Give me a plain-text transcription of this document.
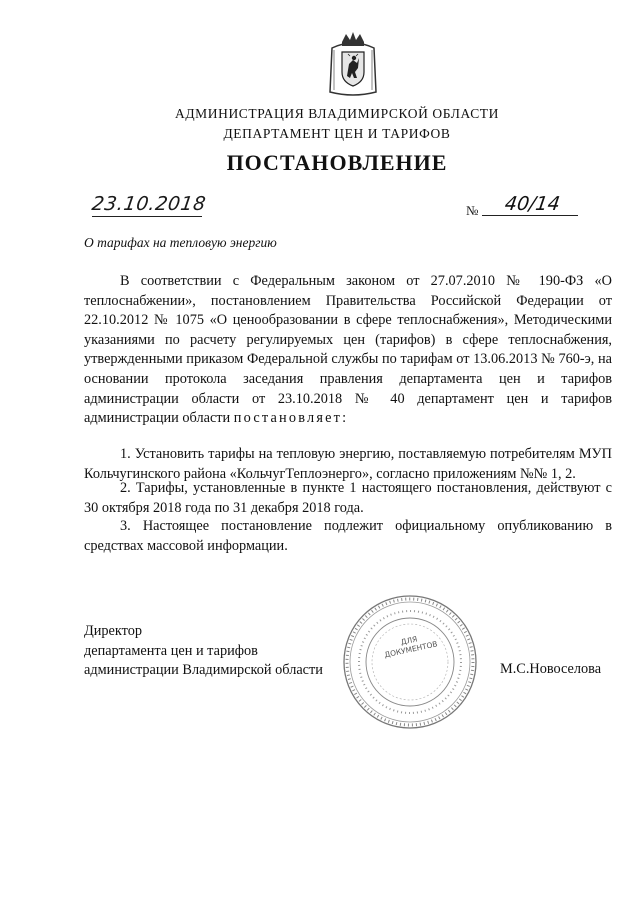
АДМИНИСТРАЦИЯ ВЛАДИМИРСКОЙ ОБЛАСТИ
ДЕПАРТАМЕНТ ЦЕН И ТАРИФОВ
ПОСТАНОВЛЕНИЕ
23.10.2018	№ 40/14
О тарифах на тепловую энергию
В соответствии с Федеральным законом от 27.07.2010 № 190-ФЗ «О теплоснабжении», постановлением Правительства Российской Федерации от 22.10.2012 № 1075 «О ценообразовании в сфере теплоснабжения», Методическими указаниями по расчету регулируемых цен (тарифов) в сфере теплоснабжения, утвержденными приказом Федеральной службы по тарифам от 13.06.2013 № 760-э, на основании протокола заседания правления департамента цен и тарифов администрации области от 23.10.2018 № 40 департамент цен и тарифов администрации области постановляет:
1. Установить тарифы на тепловую энергию, поставляемую потребителям МУП Кольчугинского района «КольчугТеплоэнерго», согласно приложениям №№ 1, 2.
2. Тарифы, установленные в пункте 1 настоящего постановления, действуют с 30 октября 2018 года по 31 декабря 2018 года.
3. Настоящее постановление подлежит официальному опубликованию в средствах массовой информации.
Директор
департамента цен и тарифов
администрации Владимирской области
ДЛЯ ДОКУМЕНТОВ
М.С.Новоселова
